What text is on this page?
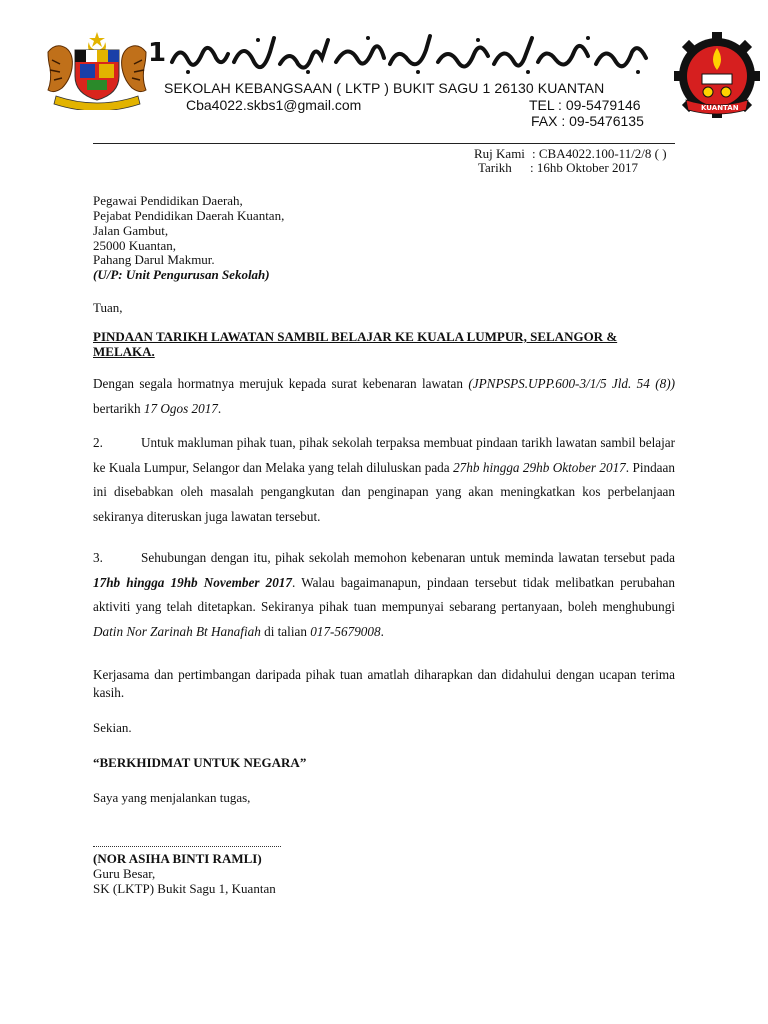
1
KUANTAN
SEKOLAH KEBANGSAAN ( LKTP ) BUKIT SAGU 1 26130 KUANTAN
Cba4022.skbs1@gmail.com	TEL : 09-5479146
FAX : 09-5476135
Ruj Kami : CBA4022.100-11/2/8 ( )
Tarikh : 16hb Oktober 2017
Pegawai Pendidikan Daerah,
Pejabat Pendidikan Daerah Kuantan,
Jalan Gambut,
25000 Kuantan,
Pahang Darul Makmur.
(U/P: Unit Pengurusan Sekolah)
Tuan,
PINDAAN TARIKH LAWATAN SAMBIL BELAJAR KE KUALA LUMPUR, SELANGOR &
MELAKA.
Dengan segala hormatnya merujuk kepada surat kebenaran lawatan (JPNPSPS.UPP.600-3/1/5 Jld. 54 (8)) bertarikh 17 Ogos 2017.
2.	Untuk makluman pihak tuan, pihak sekolah terpaksa membuat pindaan tarikh lawatan sambil belajar ke Kuala Lumpur, Selangor dan Melaka yang telah diluluskan pada 27hb hingga 29hb Oktober 2017. Pindaan ini disebabkan oleh masalah pengangkutan dan penginapan yang akan meningkatkan kos perbelanjaan sekiranya diteruskan juga lawatan tersebut.
3.	Sehubungan dengan itu, pihak sekolah memohon kebenaran untuk meminda lawatan tersebut pada 17hb hingga 19hb November 2017. Walau bagaimanapun, pindaan tersebut tidak melibatkan perubahan aktiviti yang telah ditetapkan. Sekiranya pihak tuan mempunyai sebarang pertanyaan, boleh menghubungi Datin Nor Zarinah Bt Hanafiah di talian 017-5679008.
Kerjasama dan pertimbangan daripada pihak tuan amatlah diharapkan dan didahului dengan ucapan terima kasih.
Sekian.
“BERKHIDMAT UNTUK NEGARA”
Saya yang menjalankan tugas,
(NOR ASIHA BINTI RAMLI)
Guru Besar,
SK (LKTP) Bukit Sagu 1, Kuantan
